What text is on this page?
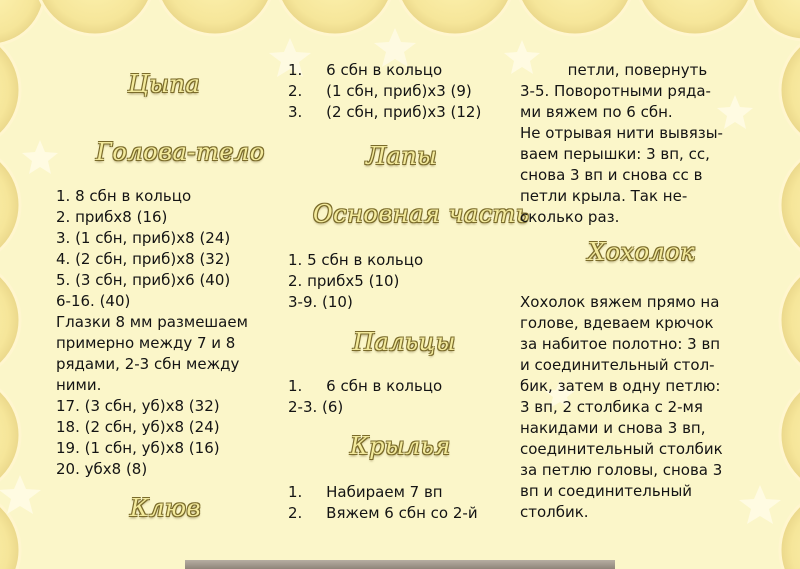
Цыпа
Голова-тело
1. 8 сбн в кольцо
2. прибх8 (16)
3. (1 сбн, приб)х8 (24)
4. (2 сбн, приб)х8 (32)
5. (3 сбн, приб)х6 (40)
6-16. (40)
Глазки 8 мм размешаем
примерно между 7 и 8
рядами, 2-3 сбн между
ними.
17. (3 сбн, уб)х8 (32)
18. (2 сбн, уб)х8 (24)
19. (1 сбн, уб)х8 (16)
20. убх8 (8)
Клюв
1.     6 сбн в кольцо
2.     (1 сбн, приб)х3 (9)
3.     (2 сбн, приб)х3 (12)
Лапы
Основная часть
1. 5 сбн в кольцо
2. прибх5 (10)
3-9. (10)
Пальцы
1.     6 сбн в кольцо
2-3. (6)
Крылья
1.     Набираем 7 вп
2.     Вяжем 6 сбн со 2-й
петли, повернуть
3-5. Поворотными ряда-
ми вяжем по 6 сбн.
Не отрывая нити вывязы-
ваем перышки: 3 вп, сс,
снова 3 вп и снова сс в
петли крыла. Так не-
сколько раз.
Хохолок
Хохолок вяжем прямо на
голове, вдеваем крючок
за набитое полотно: 3 вп
и соединительный стол-
бик, затем в одну петлю:
3 вп, 2 столбика с 2-мя
накидами и снова 3 вп,
соединительный столбик
за петлю головы, снова 3
вп и соединительный
столбик.
